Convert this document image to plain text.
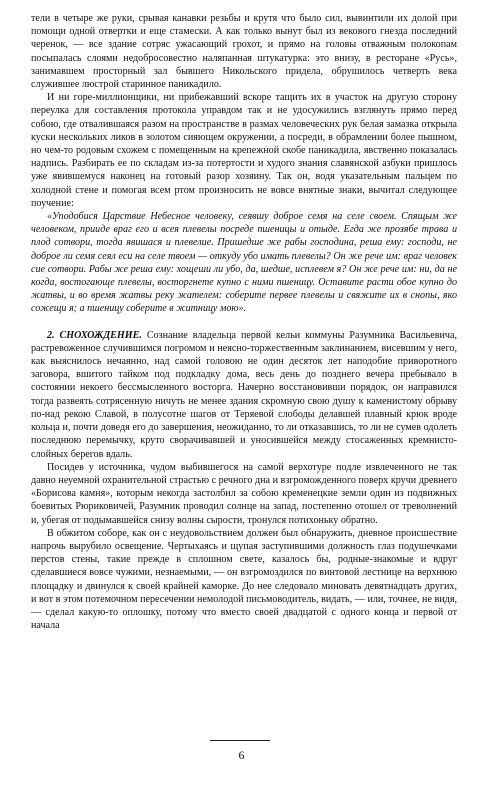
тели в четыре же руки, срывая канавки резьбы и крутя что было сил, вывинтили их долой при помощи одной отвертки и еще стамески. А как только вынут был из векового гнезда последний черенок, — все здание сотряс ужасающий грохот, и прямо на головы отважным полокопам посыпалась слоями недобросовестно наляпанная штукатурка: это внизу, в ресторане «Русь», занимавшем просторный зал бывшего Никольского придела, обрушилось четверть века служившее люстрой старинное паникадило.

И ни горе-миллионщики, ни прибежавший вскоре тащить их в участок на другую сторону переулка для составления протокола управдом так и не удосужились взглянуть прямо перед собою, где отвалившаяся разом на пространстве в размах человеческих рук белая замазка открыла куски нескольких ликов в золотом сияющем окружении, а посреди, в обрамлении более пышном, но чем-то родовым схожем с помещенным на крепежной скобе паникадила, явственно показалась надпись. Разбирать ее по складам из-за потертости и худого знания славянской азбуки пришлось уже явившемуся наконец на готовый разор хозяину. Так он, водя указательным пальцем по холодной стене и помогая всем ртом произносить не вовсе внятные знаки, вычитал следующее поучение:

«Уподобися Царствие Небесное человеку, сеявшу доброе семя на селе своем. Спящым же человеком, прииде враг его и всея плевелы посреде пшеницы и отыде. Егда же прозябе трава и плод сотвори, тогда явишася и плевелие. Пришедше же рабы господина, реша ему: господи, не доброе ли семя сеял еси на селе твоем — откуду убо имать плевелы? Он же рече им: враг человек сие сотвори. Рабы же реша ему: хощеши ли убо, да, шедше, исплевем я? Он же рече им: ни, да не когда, востогающе плевелы, восторгнете купно с ними пшеницу. Оставите расти обое купно до жатвы, и во время жатвы реку жателем: соберите первее плевелы и свяжите их в снопы, яко сожещи я; а пшеницу соберите в житницу мою».

2. СНОХОЖДЕНИЕ. Сознание владельца первой кельи коммуны Разумника Васильевича, растревоженное случившимся погромом и неясно-торжественным заклинанием, висевшим у него, как выяснилось нечаянно, над самой головою не один десяток лет наподобие приворотного заговора, вшитого тайком под подкладку дома, весь день до позднего вечера пребывало в состоянии некоего бессмысленного восторга. Начерно восстановивши порядок, он направился тогда развеять сотрясенную ничуть не менее здания скромную свою душу к каменистому обрыву по-над рекою Славой, в полусотне шагов от Теряевой слободы делавшей плавный крюк вроде кольца и, почти доведя его до завершения, неожиданно, то ли отказавшись, то ли не сумев одолеть последнюю перемычку, круто сворачивавшей и уносившейся между стосаженных кремнисто-слойных берегов вдаль.

Посидев у источника, чудом выбившегося на самой верхотуре подле извлеченного не так давно неуемной охранительной страстью с речного дна и взгроможденного поверх кручи древнего «Борисова камня», которым некогда застолбил за собою кременецкие земли один из подвижных боевитых Рюриковичей, Разумник проводил солнце на запад, постепенно отошел от треволнений и, убегая от подымавшейся снизу волны сырости, тронулся потихоньку обратно.

В обжитом соборе, как он с неудовольствием должен был обнаружить, дневное происшествие напрочь вырубило освещение. Чертыхаясь и щупая заступившими должность глаз подушечками перстов стены, такие прежде в сплошном свете, казалось бы, родные-знакомые и вдруг сделавшиеся вовсе чужими, незнаемыми, — он взгромоздился по винтовой лестнице на верхнюю площадку и двинулся к своей крайней каморке. До нее следовало миновать девятнадцать других, и вот в этом потемочном пересечении немолодой письмоводитель, видать, — или, точнее, не видя, — сделал какую-то оплошку, потому что вместо своей двадцатой с одного конца и первой от начала

6
